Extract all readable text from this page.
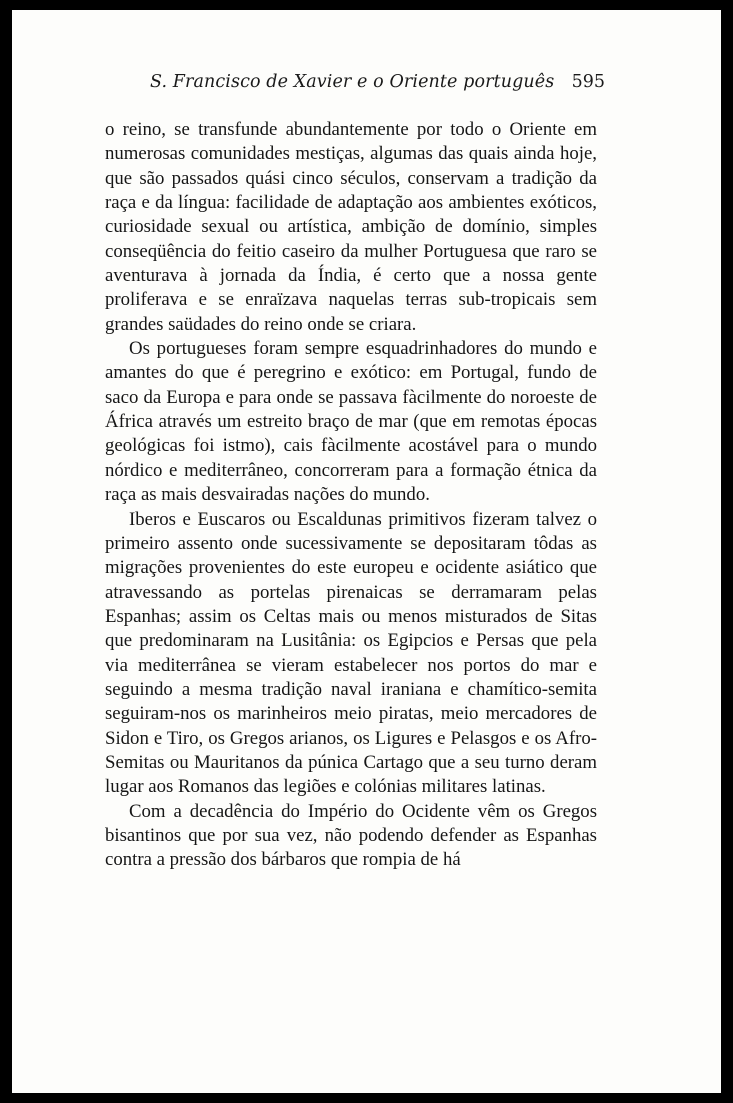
S. Francisco de Xavier e o Oriente português 595

o reino, se transfunde abundantemente por todo o Oriente em numerosas comunidades mestiças, algumas das quais ainda hoje, que são passados quási cinco séculos, conservam a tradição da raça e da língua: facilidade de adaptação aos ambientes exóticos, curiosidade sexual ou artística, ambição de domínio, simples conseqüência do feitio caseiro da mulher Portuguesa que raro se aventurava à jornada da Índia, é certo que a nossa gente proliferava e se enraïzava naquelas terras sub-tropicais sem grandes saüdades do reino onde se criara.

Os portugueses foram sempre esquadrinhadores do mundo e amantes do que é peregrino e exótico: em Portugal, fundo de saco da Europa e para onde se passava fàcilmente do noroeste de África através um estreito braço de mar (que em remotas épocas geológicas foi istmo), cais fàcilmente acostável para o mundo nórdico e mediterrâneo, concorreram para a formação étnica da raça as mais desvairadas nações do mundo.

Iberos e Euscaros ou Escaldunas primitivos fizeram talvez o primeiro assento onde sucessivamente se depositaram tôdas as migrações provenientes do este europeu e ocidente asiático que atravessando as portelas pirenaicas se derramaram pelas Espanhas; assim os Celtas mais ou menos misturados de Sitas que predominaram na Lusitânia: os Egipcios e Persas que pela via mediterrânea se vieram estabelecer nos portos do mar e seguindo a mesma tradição naval iraniana e chamítico-semita seguiram-nos os marinheiros meio piratas, meio mercadores de Sidon e Tiro, os Gregos arianos, os Ligures e Pelasgos e os Afro-Semitas ou Mauritanos da púnica Cartago que a seu turno deram lugar aos Romanos das legiões e colónias militares latinas.

Com a decadência do Império do Ocidente vêm os Gregos bisantinos que por sua vez, não podendo defender as Espanhas contra a pressão dos bárbaros que rompia de há
